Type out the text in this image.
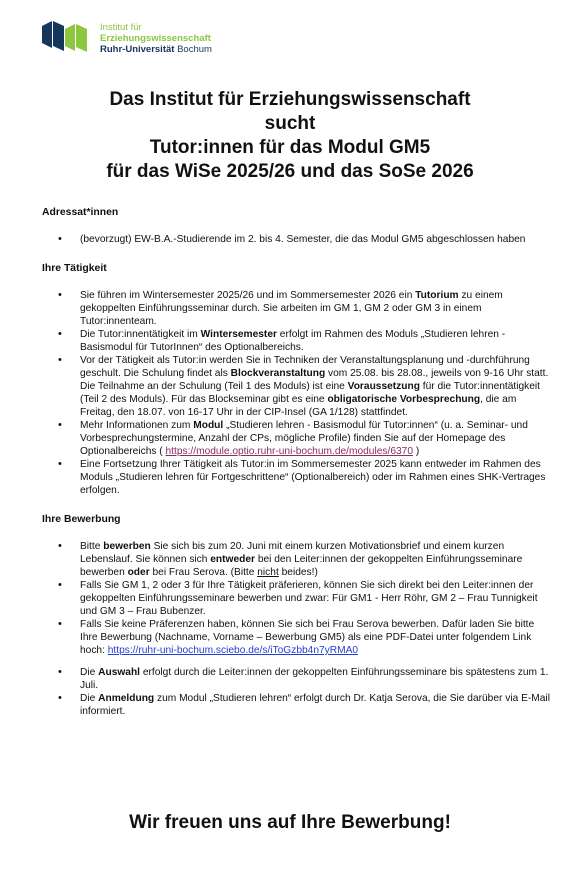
Institut für
Erziehungswissenschaft
Ruhr-Universität Bochum
Das Institut für Erziehungswissenschaft
sucht
Tutor:innen für das Modul GM5
für das WiSe 2025/26 und das SoSe 2026
Adressat*innen
• (bevorzugt) EW-B.A.-Studierende im 2. bis 4. Semester, die das Modul GM5 abgeschlossen haben
Ihre Tätigkeit
• Sie führen im Wintersemester 2025/26 und im Sommersemester 2026 ein Tutorium zu einem gekoppelten Einführungsseminar durch. Sie arbeiten im GM 1, GM 2 oder GM 3 in einem Tutor:innenteam.
• Die Tutor:innentätigkeit im Wintersemester erfolgt im Rahmen des Moduls „Studieren lehren - Basismodul für TutorInnen“ des Optionalbereichs.
• Vor der Tätigkeit als Tutor:in werden Sie in Techniken der Veranstaltungsplanung und -durchführung geschult. Die Schulung findet als Blockveranstaltung vom 25.08. bis 28.08., jeweils von 9-16 Uhr statt. Die Teilnahme an der Schulung (Teil 1 des Moduls) ist eine Voraussetzung für die Tutor:innentätigkeit (Teil 2 des Moduls). Für das Blockseminar gibt es eine obligatorische Vorbesprechung, die am Freitag, den 18.07. von 16-17 Uhr in der CIP-Insel (GA 1/128) stattfindet.
• Mehr Informationen zum Modul „Studieren lehren - Basismodul für Tutor:innen“ (u. a. Seminar- und Vorbesprechungstermine, Anzahl der CPs, mögliche Profile) finden Sie auf der Homepage des Optionalbereichs ( https://module.optio.ruhr-uni-bochum.de/modules/6370 )
• Eine Fortsetzung Ihrer Tätigkeit als Tutor:in im Sommersemester 2025 kann entweder im Rahmen des Moduls „Studieren lehren für Fortgeschrittene“ (Optionalbereich) oder im Rahmen eines SHK-Vertrages erfolgen.
Ihre Bewerbung
• Bitte bewerben Sie sich bis zum 20. Juni mit einem kurzen Motivationsbrief und einem kurzen Lebenslauf. Sie können sich entweder bei den Leiter:innen der gekoppelten Einführungsseminare bewerben oder bei Frau Serova. (Bitte nicht beides!)
• Falls Sie GM 1, 2 oder 3 für Ihre Tätigkeit präferieren, können Sie sich direkt bei den Leiter:innen der gekoppelten Einführungsseminare bewerben und zwar: Für GM1 - Herr Röhr, GM 2 – Frau Tunnigkeit und GM 3 – Frau Bubenzer.
• Falls Sie keine Präferenzen haben, können Sie sich bei Frau Serova bewerben. Dafür laden Sie bitte Ihre Bewerbung (Nachname, Vorname – Bewerbung GM5) als eine PDF-Datei unter folgendem Link hoch: https://ruhr-uni-bochum.sciebo.de/s/iToGzbb4n7yRMA0
• Die Auswahl erfolgt durch die Leiter:innen der gekoppelten Einführungsseminare bis spätestens zum 1. Juli.
• Die Anmeldung zum Modul „Studieren lehren“ erfolgt durch Dr. Katja Serova, die Sie darüber via E-Mail informiert.
Wir freuen uns auf Ihre Bewerbung!
